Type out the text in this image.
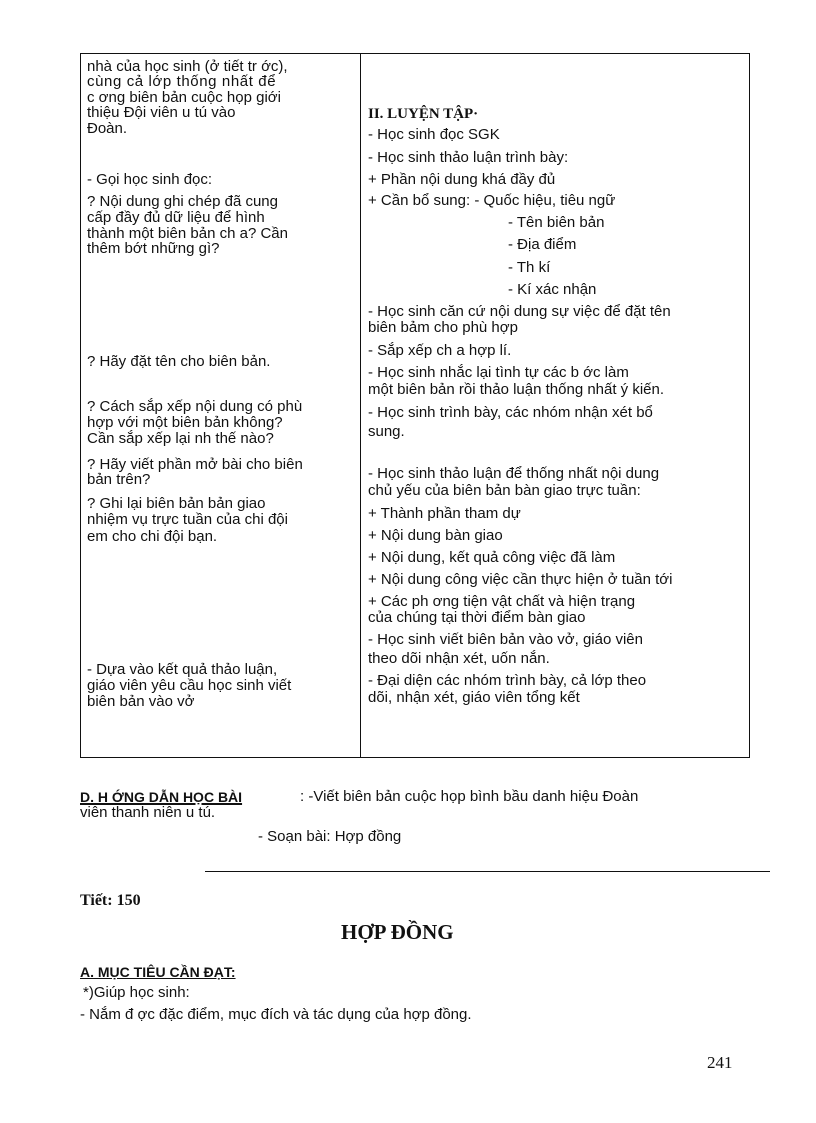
nhà của học sinh (ở tiết tr ớc),
cùng cả lớp thống nhất để
c ơng biên bản cuộc họp giới
thiệu Đội viên u tú vào
Đoàn.
- Gọi học sinh đọc:
? Nội dung ghi chép đã cung
cấp đầy đủ dữ liệu để hình
thành một biên bản ch a? Cần
thêm bớt những gì?
? Hãy đặt tên cho biên bản.
? Cách sắp xếp nội dung có phù
hợp với một biên bản không?
Cần sắp xếp lại nh thế nào?
? Hãy viết phần mở bài cho biên
bản trên?
? Ghi lại biên bản bản giao
nhiệm vụ trực tuần của chi đội
em cho chi đội bạn.
- Dựa vào kết quả thảo luận,
giáo viên yêu cầu học sinh viết
biên bản vào vở
II. LUYỆN TẬP·
- Học sinh đọc SGK
- Học sinh thảo luận trình bày:
+ Phần nội dung khá đầy đủ
+ Cần bổ sung: - Quốc hiệu, tiêu ngữ
- Tên biên bản
- Địa điểm
- Th kí
- Kí xác nhận
- Học sinh căn cứ nội dung sự việc để đặt tên
biên bảm cho phù hợp
- Sắp xếp ch a hợp lí.
- Học sinh nhắc lại tình tự các b ớc làm
một biên bản rồi thảo luận thống nhất ý kiến.
- Học sinh trình bày, các nhóm nhận xét bổ
sung.
- Học sinh thảo luận để thống nhất nội dung
chủ yếu của biên bản bàn giao trực tuần:
+ Thành phần tham dự
+ Nội dung bàn giao
+ Nội dung, kết quả công việc đã làm
+ Nội dung công việc cần thực hiện ở tuần tới
+ Các ph ơng tiện vật chất và hiện trạng
của chúng tại thời điểm bàn giao
- Học sinh viết biên bản vào vở, giáo viên
theo dõi nhận xét, uốn nắn.
- Đại diện các nhóm trình bày, cả lớp theo
dõi, nhận xét, giáo viên tổng kết
D. H ỚNG DẪN HỌC BÀI	: -Viết biên bản cuộc họp bình bầu danh hiệu Đoàn
viên thanh niên u tú.
- Soạn bài: Hợp đồng
Tiết: 150
HỢP ĐỒNG
A. MỤC TIÊU CẦN ĐẠT:
*)Giúp học sinh:
- Nắm đ ợc đặc điểm, mục đích và tác dụng của hợp đồng.
241
